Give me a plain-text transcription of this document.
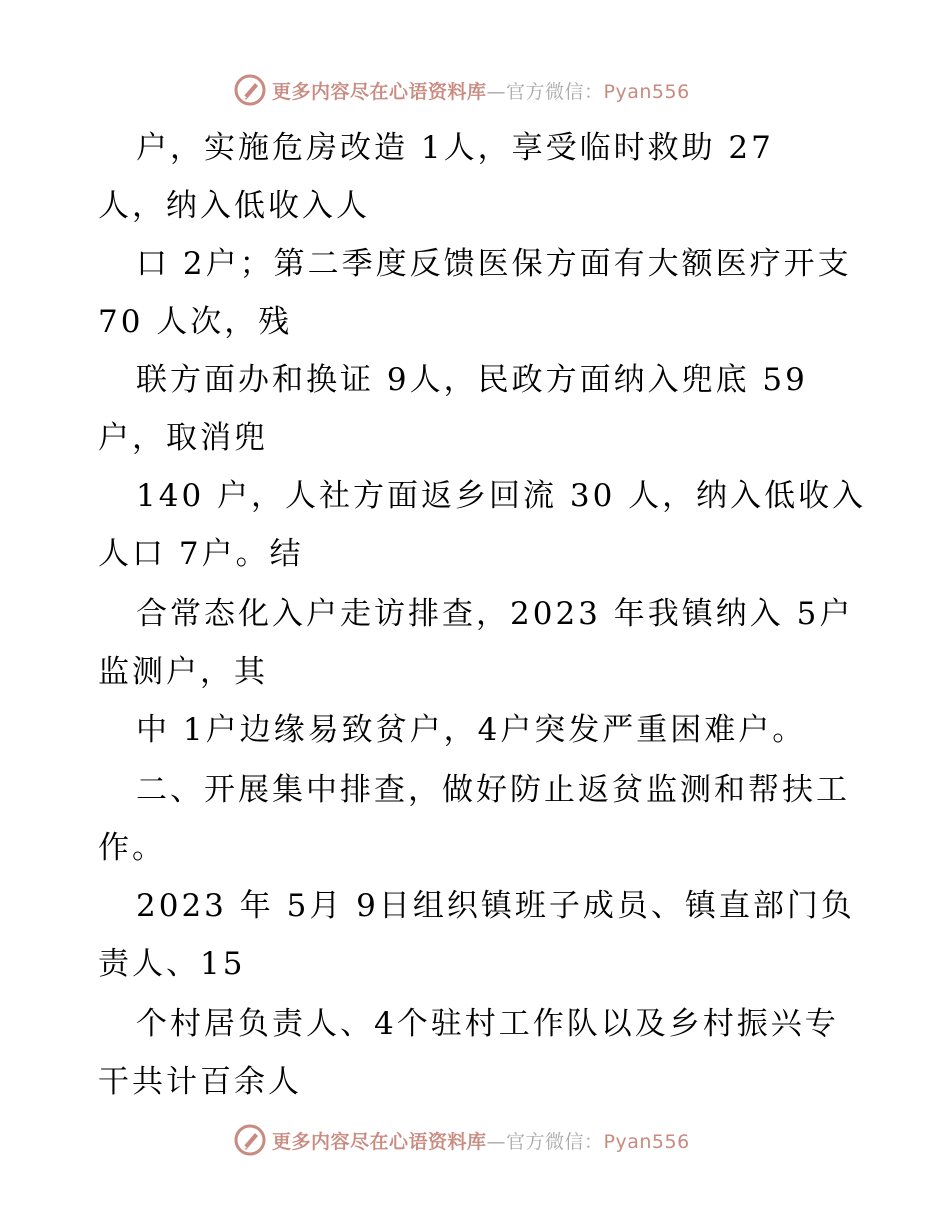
更多内容尽在心语资料库—官方微信：Pyan556
户，实施危房改造 1人，享受临时救助 27
人，纳入低收入人
口 2户；第二季度反馈医保方面有大额医疗开支
70 人次，残
联方面办和换证 9人，民政方面纳入兜底 59
户，取消兜
140 户，人社方面返乡回流 30 人，纳入低收入
人口 7户。结
合常态化入户走访排查，2023 年我镇纳入 5户
监测户，其
中 1户边缘易致贫户，4户突发严重困难户。
二、开展集中排查，做好防止返贫监测和帮扶工
作。
2023 年 5月 9日组织镇班子成员、镇直部门负
责人、15
个村居负责人、4个驻村工作队以及乡村振兴专
干共计百余人
更多内容尽在心语资料库—官方微信：Pyan556
